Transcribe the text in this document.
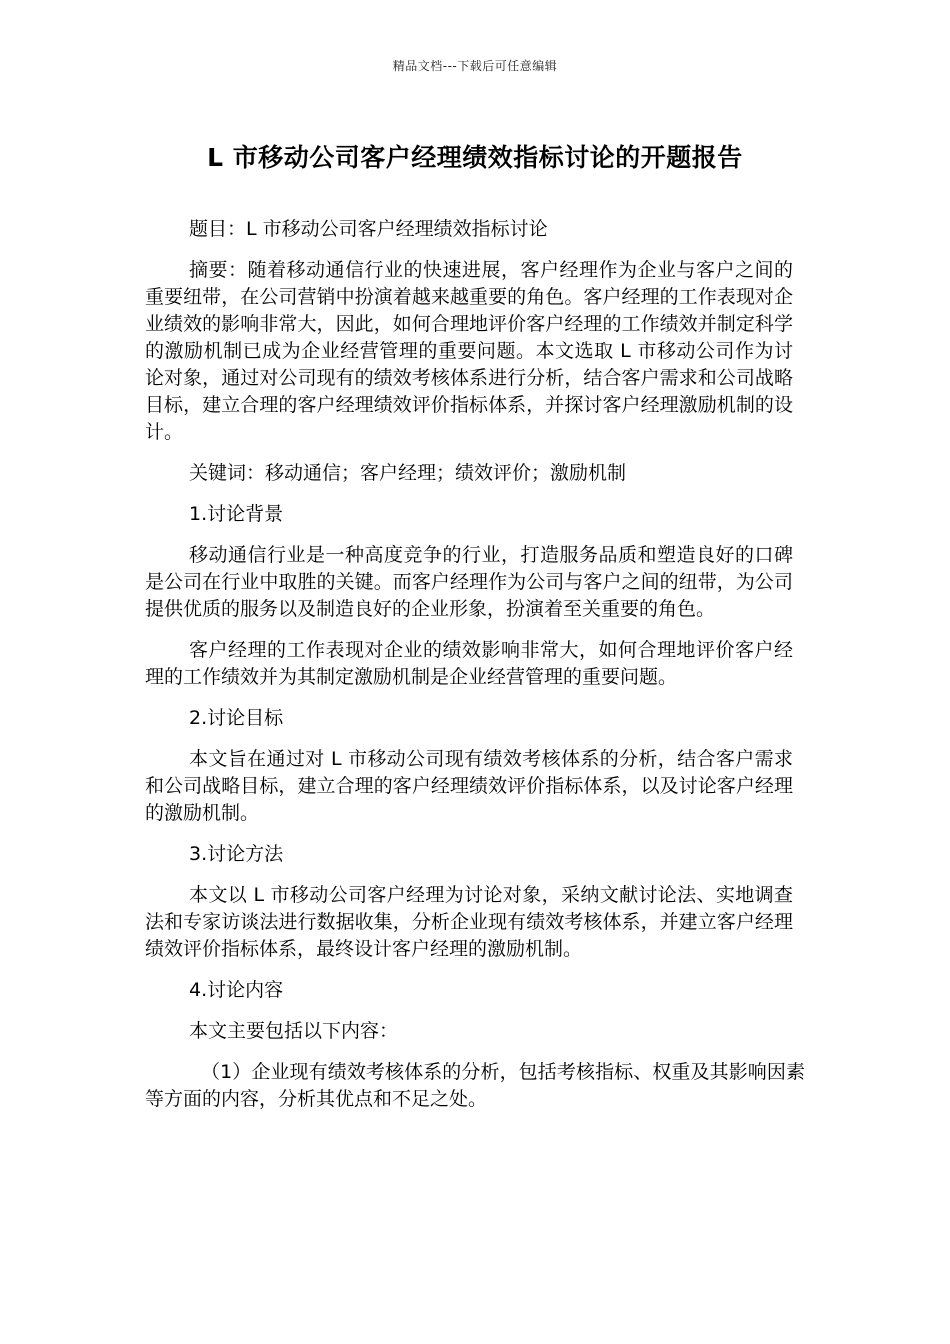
精品文档---下载后可任意编辑
L 市移动公司客户经理绩效指标讨论的开题报告

题目：L 市移动公司客户经理绩效指标讨论

摘要：随着移动通信行业的快速进展，客户经理作为企业与客户之间的重要纽带，在公司营销中扮演着越来越重要的角色。客户经理的工作表现对企业绩效的影响非常大，因此，如何合理地评价客户经理的工作绩效并制定科学的激励机制已成为企业经营管理的重要问题。本文选取 L 市移动公司作为讨论对象，通过对公司现有的绩效考核体系进行分析，结合客户需求和公司战略目标，建立合理的客户经理绩效评价指标体系，并探讨客户经理激励机制的设计。

关键词：移动通信；客户经理；绩效评价；激励机制

1.讨论背景

移动通信行业是一种高度竞争的行业，打造服务品质和塑造良好的口碑是公司在行业中取胜的关键。而客户经理作为公司与客户之间的纽带，为公司提供优质的服务以及制造良好的企业形象，扮演着至关重要的角色。

客户经理的工作表现对企业的绩效影响非常大，如何合理地评价客户经理的工作绩效并为其制定激励机制是企业经营管理的重要问题。

2.讨论目标

本文旨在通过对 L 市移动公司现有绩效考核体系的分析，结合客户需求和公司战略目标，建立合理的客户经理绩效评价指标体系，以及讨论客户经理的激励机制。

3.讨论方法

本文以 L 市移动公司客户经理为讨论对象，采纳文献讨论法、实地调查法和专家访谈法进行数据收集，分析企业现有绩效考核体系，并建立客户经理绩效评价指标体系，最终设计客户经理的激励机制。

4.讨论内容

本文主要包括以下内容：

（1）企业现有绩效考核体系的分析，包括考核指标、权重及其影响因素等方面的内容，分析其优点和不足之处。
